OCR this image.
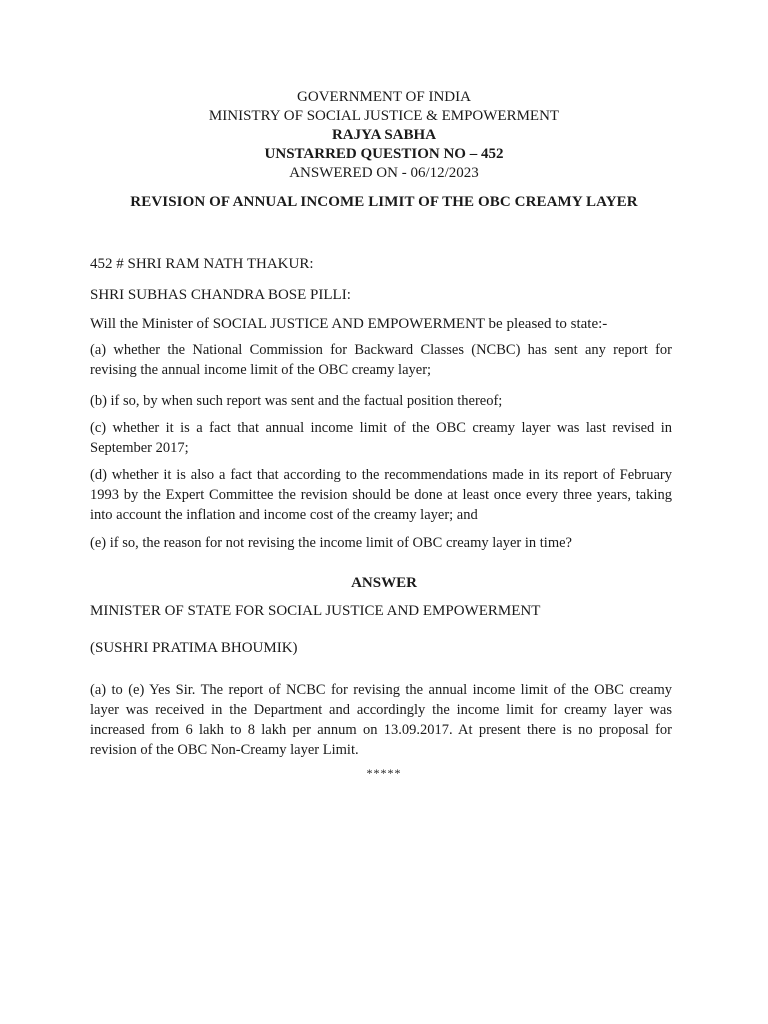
GOVERNMENT OF INDIA
MINISTRY OF SOCIAL JUSTICE & EMPOWERMENT
RAJYA SABHA
UNSTARRED QUESTION NO – 452
ANSWERED ON - 06/12/2023
REVISION OF ANNUAL INCOME LIMIT OF THE OBC CREAMY LAYER
452 # SHRI RAM NATH THAKUR:
SHRI SUBHAS CHANDRA BOSE PILLI:
Will the Minister of SOCIAL JUSTICE AND EMPOWERMENT be pleased to state:-
(a) whether the National Commission for Backward Classes (NCBC) has sent any report for revising the annual income limit of the OBC creamy layer;
(b) if so, by when such report was sent and the factual position thereof;
(c) whether it is a fact that annual income limit of the OBC creamy layer was last revised in September 2017;
(d) whether it is also a fact that according to the recommendations made in its report of February 1993 by the Expert Committee the revision should be done at least once every three years, taking into account the inflation and income cost of the creamy layer; and
(e) if so, the reason for not revising the income limit of OBC creamy layer in time?
ANSWER
MINISTER OF STATE FOR SOCIAL JUSTICE AND EMPOWERMENT
(SUSHRI PRATIMA BHOUMIK)
(a) to (e) Yes Sir. The report of NCBC for revising the annual income limit of the OBC creamy layer was received in the Department and accordingly the income limit for creamy layer was increased from 6 lakh to 8 lakh per annum on 13.09.2017. At present there is no proposal for revision of the OBC Non-Creamy layer Limit.
*****
